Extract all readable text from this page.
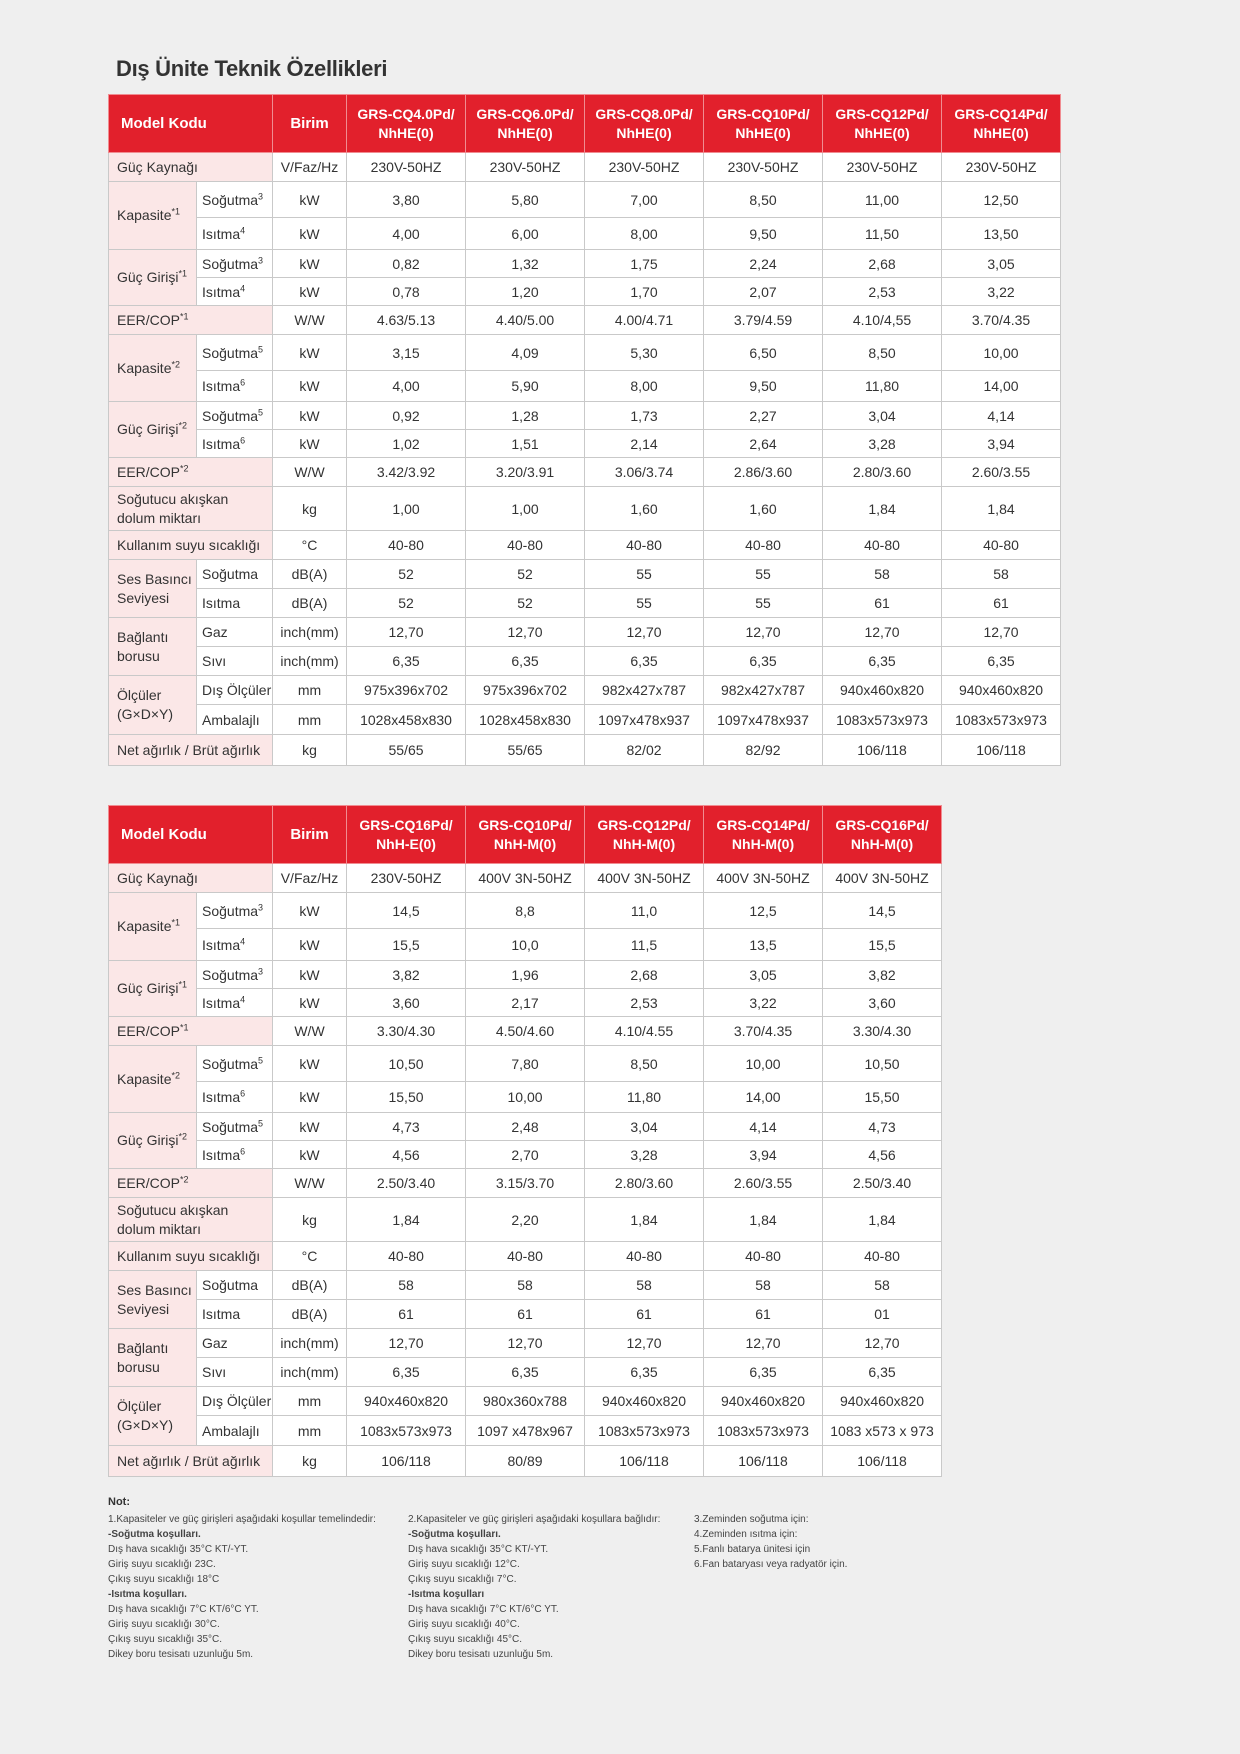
Dış Ünite Teknik Özellikleri
Model Kodu		Birim	GRS-CQ4.0Pd/ NhHE(0)	GRS-CQ6.0Pd/ NhHE(0)	GRS-CQ8.0Pd/ NhHE(0)	GRS-CQ10Pd/ NhHE(0)	GRS-CQ12Pd/ NhHE(0)	GRS-CQ14Pd/ NhHE(0)
Güç Kaynağı		V/Faz/Hz	230V-50HZ	230V-50HZ	230V-50HZ	230V-50HZ	230V-50HZ	230V-50HZ
Kapasite$^{*1}$	Soğutma$^3$	kW	3,80	5,80	7,00	8,50	11,00	12,50
	Isıtma$^4$	kW	4,00	6,00	8,00	9,50	11,50	13,50
Güç Girişi$^{*1}$	Soğutma$^3$	kW	0,82	1,32	1,75	2,24	2,68	3,05
	Isıtma$^4$	kW	0,78	1,20	1,70	2,07	2,53	3,22
EER/COP$^{*1}$		W/W	4.63/5.13	4.40/5.00	4.00/4.71	3.79/4.59	4.10/4,55	3.70/4.35
Kapasite$^{*2}$	Soğutma$^5$	kW	3,15	4,09	5,30	6,50	8,50	10,00
	Isıtma$^6$	kW	4,00	5,90	8,00	9,50	11,80	14,00
Güç Girişi$^{*2}$	Soğutma$^5$	kW	0,92	1,28	1,73	2,27	3,04	4,14
	Isıtma$^6$	kW	1,02	1,51	2,14	2,64	3,28	3,94
EER/COP$^{*2}$		W/W	3.42/3.92	3.20/3.91	3.06/3.74	2.86/3.60	2.80/3.60	2.60/3.55
Soğutucu akışkan dolum miktarı		kg	1,00	1,00	1,60	1,60	1,84	1,84
Kullanım suyu sıcaklığı		°C	40-80	40-80	40-80	40-80	40-80	40-80
Ses Basıncı Seviyesi	Soğutma	dB(A)	52	52	55	55	58	58
	Isıtma	dB(A)	52	52	55	55	61	61
Bağlantı borusu	Gaz	inch(mm)	12,70	12,70	12,70	12,70	12,70	12,70
	Sıvı	inch(mm)	6,35	6,35	6,35	6,35	6,35	6,35
Ölçüler (G×D×Y)	Dış Ölçüler	mm	975x396x702	975x396x702	982x427x787	982x427x787	940x460x820	940x460x820
	Ambalajlı	mm	1028x458x830	1028x458x830	1097x478x937	1097x478x937	1083x573x973	1083x573x973
Net ağırlık / Brüt ağırlık		kg	55/65	55/65	82/02	82/92	106/118	106/118
Model Kodu		Birim	GRS-CQ16Pd/ NhH-E(0)	GRS-CQ10Pd/ NhH-M(0)	GRS-CQ12Pd/ NhH-M(0)	GRS-CQ14Pd/ NhH-M(0)	GRS-CQ16Pd/ NhH-M(0)
Güç Kaynağı		V/Faz/Hz	230V-50HZ	400V 3N-50HZ	400V 3N-50HZ	400V 3N-50HZ	400V 3N-50HZ
Kapasite$^{*1}$	Soğutma$^3$	kW	14,5	8,8	11,0	12,5	14,5
	Isıtma$^4$	kW	15,5	10,0	11,5	13,5	15,5
Güç Girişi$^{*1}$	Soğutma$^3$	kW	3,82	1,96	2,68	3,05	3,82
	Isıtma$^4$	kW	3,60	2,17	2,53	3,22	3,60
EER/COP$^{*1}$		W/W	3.30/4.30	4.50/4.60	4.10/4.55	3.70/4.35	3.30/4.30
Kapasite$^{*2}$	Soğutma$^5$	kW	10,50	7,80	8,50	10,00	10,50
	Isıtma$^6$	kW	15,50	10,00	11,80	14,00	15,50
Güç Girişi$^{*2}$	Soğutma$^5$	kW	4,73	2,48	3,04	4,14	4,73
	Isıtma$^6$	kW	4,56	2,70	3,28	3,94	4,56
EER/COP$^{*2}$		W/W	2.50/3.40	3.15/3.70	2.80/3.60	2.60/3.55	2.50/3.40
Soğutucu akışkan dolum miktarı		kg	1,84	2,20	1,84	1,84	1,84
Kullanım suyu sıcaklığı		°C	40-80	40-80	40-80	40-80	40-80
Ses Basıncı Seviyesi	Soğutma	dB(A)	58	58	58	58	58
	Isıtma	dB(A)	61	61	61	61	01
Bağlantı borusu	Gaz	inch(mm)	12,70	12,70	12,70	12,70	12,70
	Sıvı	inch(mm)	6,35	6,35	6,35	6,35	6,35
Ölçüler (G×D×Y)	Dış Ölçüler	mm	940x460x820	980x360x788	940x460x820	940x460x820	940x460x820
	Ambalajlı	mm	1083x573x973	1097 x478x967	1083x573x973	1083x573x973	1083 x573 x 973
Net ağırlık / Brüt ağırlık		kg	106/118	80/89	106/118	106/118	106/118
Not:
1.Kapasiteler ve güç girişleri aşağıdaki koşullar temelindedir:
-Soğutma koşulları.
Dış hava sıcaklığı 35°C KT/-YT.
Giriş suyu sıcaklığı 23C.
Çıkış suyu sıcaklığı 18°C
-Isıtma koşulları.
Dış hava sıcaklığı 7°C KT/6°C YT.
Giriş suyu sıcaklığı 30°C.
Çıkış suyu sıcaklığı 35°C.
Dikey boru tesisatı uzunluğu 5m.
2.Kapasiteler ve güç girişleri aşağıdaki koşullara bağlıdır:
-Soğutma koşulları.
Dış hava sıcaklığı 35°C KT/-YT.
Giriş suyu sıcaklığı 12°C.
Çıkış suyu sıcaklığı 7°C.
-Isıtma koşulları
Dış hava sıcaklığı 7°C KT/6°C YT.
Giriş suyu sıcaklığı 40°C.
Çıkış suyu sıcaklığı 45°C.
Dikey boru tesisatı uzunluğu 5m.
3.Zeminden soğutma için:
4.Zeminden ısıtma için:
5.Fanlı batarya ünitesi için
6.Fan bataryası veya radyatör için.
